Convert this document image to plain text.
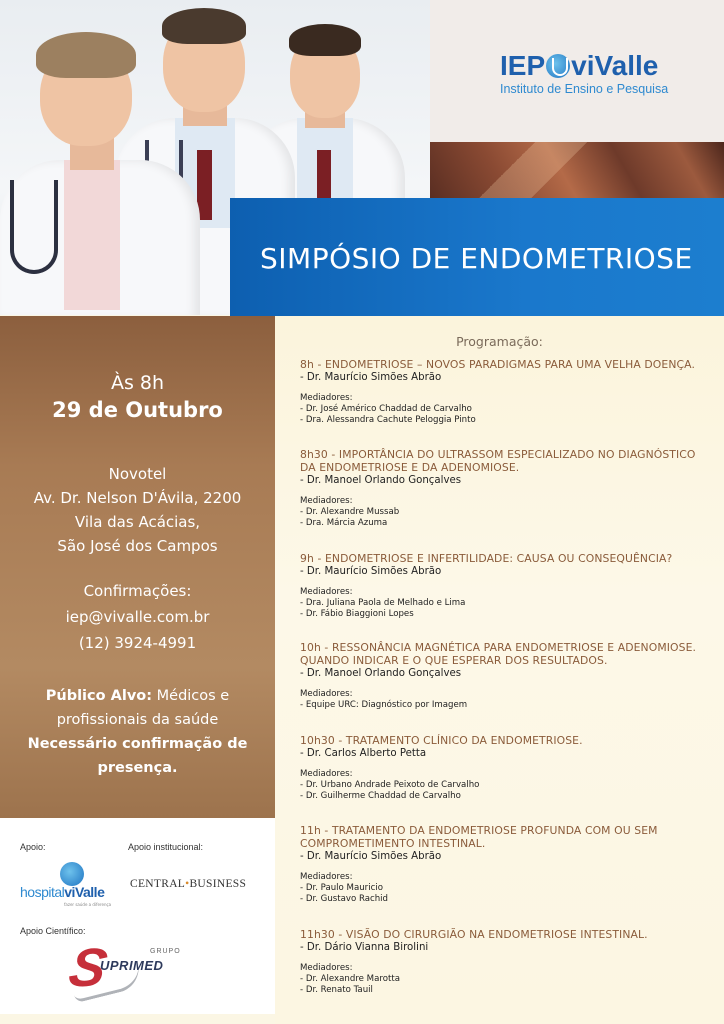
IEP viValle
Instituto de Ensino e Pesquisa
SIMPÓSIO DE ENDOMETRIOSE
Às 8h
29 de Outubro
Novotel
Av. Dr. Nelson D'Ávila, 2200
Vila das Acácias,
São José dos Campos
Confirmações:
iep@vivalle.com.br
(12) 3924-4991
Público Alvo: Médicos e profissionais da saúde
Necessário confirmação de presença.
Apoio:	Apoio institucional:
hospitalviValle
fazer saúde a diferença
CENTRAL•BUSINESS
Apoio Científico:
S	GRUPO
UPRIMED
Programação:
8h - ENDOMETRIOSE – NOVOS PARADIGMAS PARA UMA VELHA DOENÇA.
- Dr. Maurício Simões Abrão
Mediadores:
- Dr. José Américo Chaddad de Carvalho
- Dra. Alessandra Cachute Peloggia Pinto
8h30 - IMPORTÂNCIA DO ULTRASSOM ESPECIALIZADO NO DIAGNÓSTICO
DA ENDOMETRIOSE E DA ADENOMIOSE.
- Dr. Manoel Orlando Gonçalves
Mediadores:
- Dr. Alexandre Mussab
- Dra. Márcia Azuma
9h - ENDOMETRIOSE E INFERTILIDADE: CAUSA OU CONSEQUÊNCIA?
- Dr. Maurício Simões Abrão
Mediadores:
- Dra. Juliana Paola de Melhado e Lima
- Dr. Fábio Biaggioni Lopes
10h - RESSONÂNCIA MAGNÉTICA PARA ENDOMETRIOSE E ADENOMIOSE.
QUANDO INDICAR E O QUE ESPERAR DOS RESULTADOS.
- Dr. Manoel Orlando Gonçalves
Mediadores:
- Equipe URC: Diagnóstico por Imagem
10h30 - TRATAMENTO CLÍNICO DA ENDOMETRIOSE.
- Dr. Carlos Alberto Petta
Mediadores:
- Dr. Urbano Andrade Peixoto de Carvalho
- Dr. Guilherme Chaddad de Carvalho
11h - TRATAMENTO DA ENDOMETRIOSE PROFUNDA COM OU SEM
COMPROMETIMENTO INTESTINAL.
- Dr. Maurício Simões Abrão
Mediadores:
- Dr. Paulo Mauricio
- Dr. Gustavo Rachid
11h30 - VISÃO DO CIRURGIÃO NA ENDOMETRIOSE INTESTINAL.
- Dr. Dário Vianna Birolini
Mediadores:
- Dr. Alexandre Marotta
- Dr. Renato Tauil
